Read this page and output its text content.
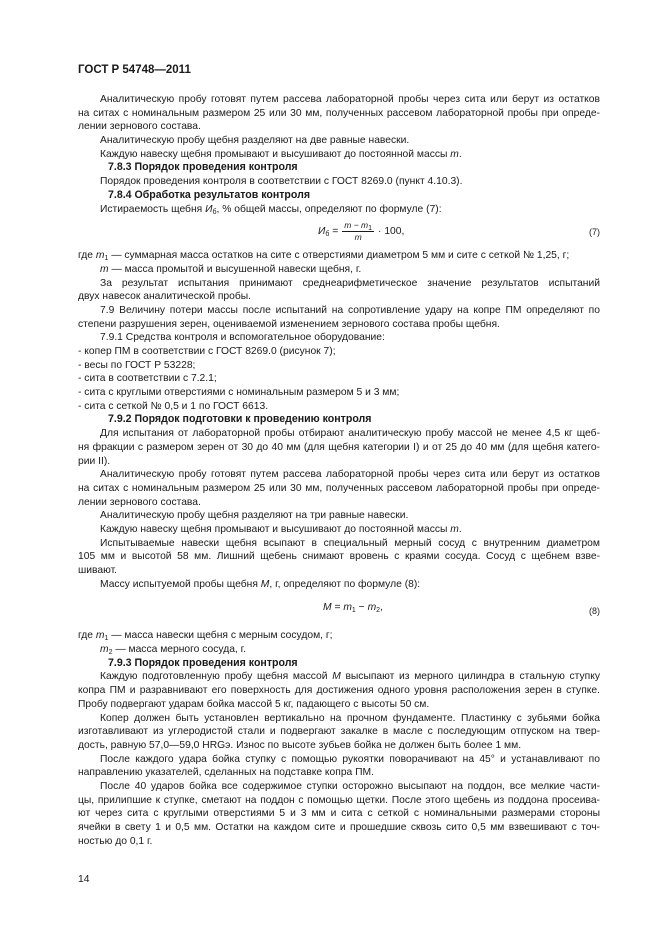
ГОСТ Р 54748—2011
Аналитическую пробу готовят путем рассева лабораторной пробы через сита или берут из остатков
на ситах с номинальным размером 25 или 30 мм, полученных рассевом лабораторной пробы при опреде-
лении зернового состава.
Аналитическую пробу щебня разделяют на две равные навески.
Каждую навеску щебня промывают и высушивают до постоянной массы m.
7.8.3 Порядок проведения контроля
Порядок проведения контроля в соответствии с ГОСТ 8269.0 (пункт 4.10.3).
7.8.4 Обработка результатов контроля
Истираемость щебня $И_б$, % общей массы, определяют по формуле (7):
$И_б = \frac{m - m_1}{m} \cdot 100$,	(7)
где $m_1$ — суммарная масса остатков на сите с отверстиями диаметром 5 мм и сите с сеткой № 1,25, г;
m — масса промытой и высушенной навески щебня, г.
За результат испытания принимают среднеарифметическое значение результатов испытаний
двух навесок аналитической пробы.
7.9 Величину потери массы после испытаний на сопротивление удару на копре ПМ определяют по
степени разрушения зерен, оцениваемой изменением зернового состава пробы щебня.
7.9.1 Средства контроля и вспомогательное оборудование:
- копер ПМ в соответствии с ГОСТ 8269.0 (рисунок 7);
- весы по ГОСТ Р 53228;
- сита в соответствии с 7.2.1;
- сита с круглыми отверстиями с номинальным размером 5 и 3 мм;
- сита с сеткой № 0,5 и 1 по ГОСТ 6613.
7.9.2 Порядок подготовки к проведению контроля
Для испытания от лабораторной пробы отбирают аналитическую пробу массой не менее 4,5 кг щеб-
ня фракции с размером зерен от 30 до 40 мм (для щебня категории I) и от 25 до 40 мм (для щебня катего-
рии II).
Аналитическую пробу готовят путем рассева лабораторной пробы через сита или берут из остатков
на ситах с номинальным размером 25 или 30 мм, полученных рассевом лабораторной пробы при опреде-
лении зернового состава.
Аналитическую пробу щебня разделяют на три равные навески.
Каждую навеску щебня промывают и высушивают до постоянной массы m.
Испытываемые навески щебня всыпают в специальный мерный сосуд с внутренним диаметром
105 мм и высотой 58 мм. Лишний щебень снимают вровень с краями сосуда. Сосуд с щебнем взве-
шивают.
Массу испытуемой пробы щебня M, г, определяют по формуле (8):
$M = m_1 - m_2$,	(8)
где $m_1$ — масса навески щебня с мерным сосудом, г;
$m_2$ — масса мерного сосуда, г.
7.9.3 Порядок проведения контроля
Каждую подготовленную пробу щебня массой M высыпают из мерного цилиндра в стальную ступку
копра ПМ и разравнивают его поверхность для достижения одного уровня расположения зерен в ступке.
Пробу подвергают ударам бойка массой 5 кг, падающего с высоты 50 см.
Копер должен быть установлен вертикально на прочном фундаменте. Пластинку с зубьями бойка
изготавливают из углеродистой стали и подвергают закалке в масле с последующим отпуском на твер-
дость, равную 57,0—59,0 HRGэ. Износ по высоте зубьев бойка не должен быть более 1 мм.
После каждого удара бойка ступку с помощью рукоятки поворачивают на 45° и устанавливают по
направлению указателей, сделанных на подставке копра ПМ.
После 40 ударов бойка все содержимое ступки осторожно высыпают на поддон, все мелкие части-
цы, прилипшие к ступке, сметают на поддон с помощью щетки. После этого щебень из поддона просеива-
ют через сита с круглыми отверстиями 5 и 3 мм и сита с сеткой с номинальными размерами стороны
ячейки в свету 1 и 0,5 мм. Остатки на каждом сите и прошедшие сквозь сито 0,5 мм взвешивают с точ-
ностью до 0,1 г.
14
